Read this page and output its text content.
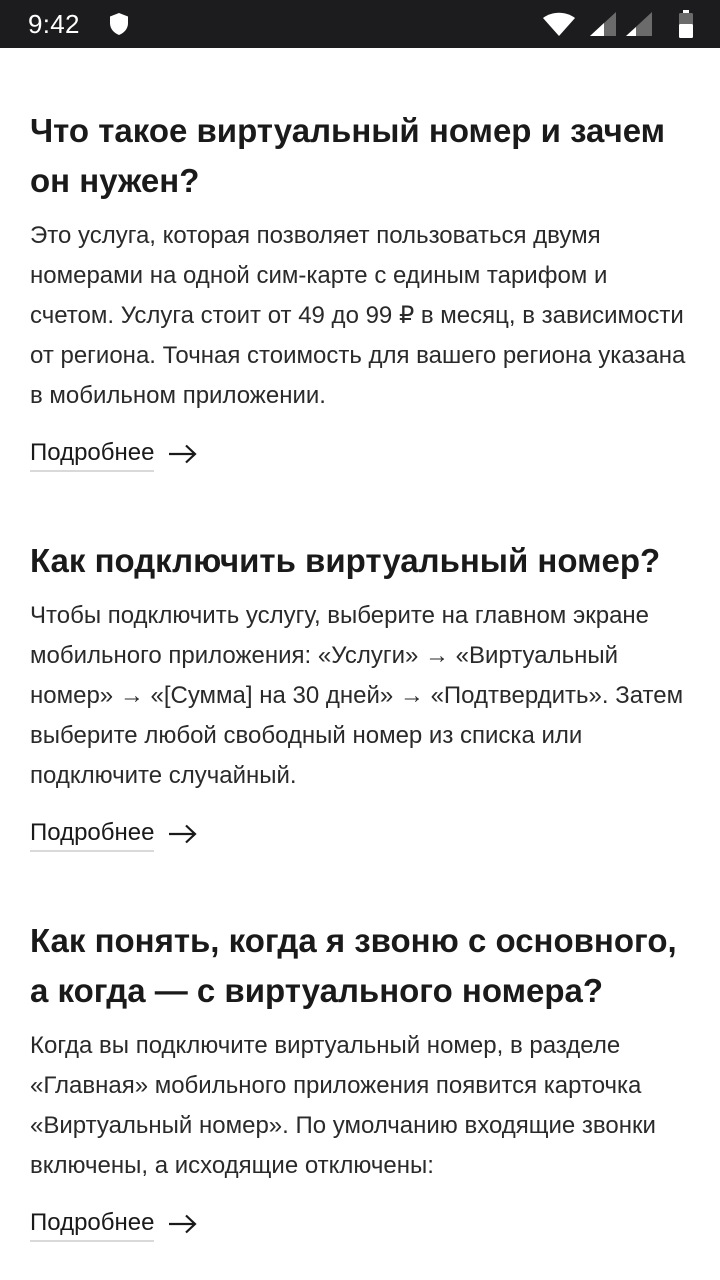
9:42
Что такое виртуальный номер и зачем он нужен?

Это услуга, которая позволяет пользоваться двумя номерами на одной сим-карте с единым тарифом и счетом. Услуга стоит от 49 до 99 ₽ в месяц, в зависимости от региона. Точная стоимость для вашего региона указана в мобильном приложении.

Подробнее
Как подключить виртуальный номер?

Чтобы подключить услугу, выберите на главном экране мобильного приложения: «Услуги» → «Виртуальный номер» → «[Сумма] на 30 дней» → «Подтвердить». Затем выберите любой свободный номер из списка или подключите случайный.

Подробнее
Как понять, когда я звоню с основного, а когда — с виртуального номера?

Когда вы подключите виртуальный номер, в разделе «Главная» мобильного приложения появится карточка «Виртуальный номер». По умолчанию входящие звонки включены, а исходящие отключены:

Подробнее
